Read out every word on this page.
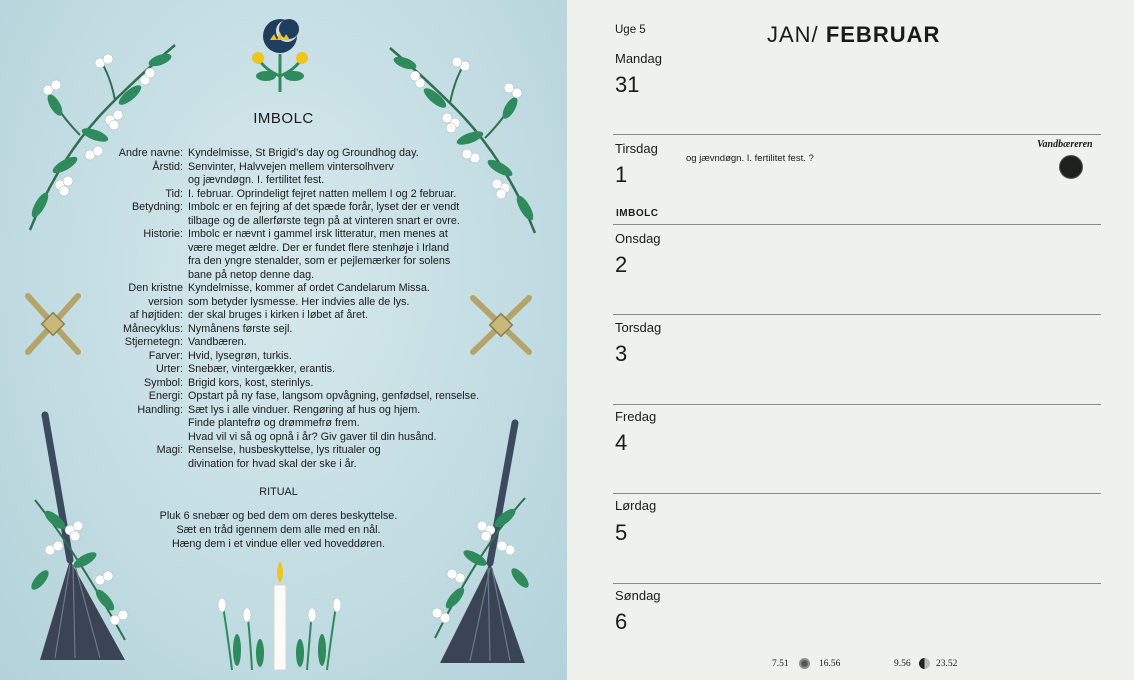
IMBOLC
Andre navne: Kyndelmisse, St Brigid’s day og Groundhog day.
Årstid: Senvinter, Halvvejen mellem vintersolhverv
og jævndøgn. I. fertilitet fest.
Tid: I. februar. Oprindeligt fejret natten mellem I og 2 februar.
Betydning: Imbolc er en fejring af det spæde forår, lyset der er vendt
tilbage og de allerførste tegn på at vinteren snart er ovre.
Historie: Imbolc er nævnt i gammel irsk litteratur, men menes at
være meget ældre. Der er fundet flere stenhøje i Irland
fra den yngre stenalder, som er pejlemærker for solens
bane på netop denne dag.
Den kristne Kyndelmisse, kommer af ordet Candelarum Missa.
version som betyder lysmesse. Her indvies alle de lys.
af højtiden: der skal bruges i kirken i løbet af året.
Månecyklus: Nymånens første sejl.
Stjernetegn: Vandbæren.
Farver: Hvid, lysegrøn, turkis.
Urter: Snebær, vintergækker, erantis.
Symbol: Brigid kors, kost, sterinlys.
Energi: Opstart på ny fase, langsom opvågning, genfødsel, renselse.
Handling: Sæt lys i alle vinduer. Rengøring af hus og hjem.
Finde plantefrø og drømmefrø frem.
Hvad vil vi så og opnå i år? Giv gaver til din husånd.
Magi: Renselse, husbeskyttelse, lys ritualer og
divination for hvad skal der ske i år.
RITUAL
Pluk 6 snebær og bed dem om deres beskyttelse.
Sæt en tråd igennem dem alle med en nål.
Hæng dem i et vindue eller ved hoveddøren.
Uge 5	JAN/ FEBRUAR
Mandag
31
Tirsdag
1
og jævndøgn. I. fertilitet fest. ?
Vandbæreren
IMBOLC
Onsdag
2
Torsdag
3
Fredag
4
Lørdag
5
Søndag
6
7.51	16.56	9.56	23.52
